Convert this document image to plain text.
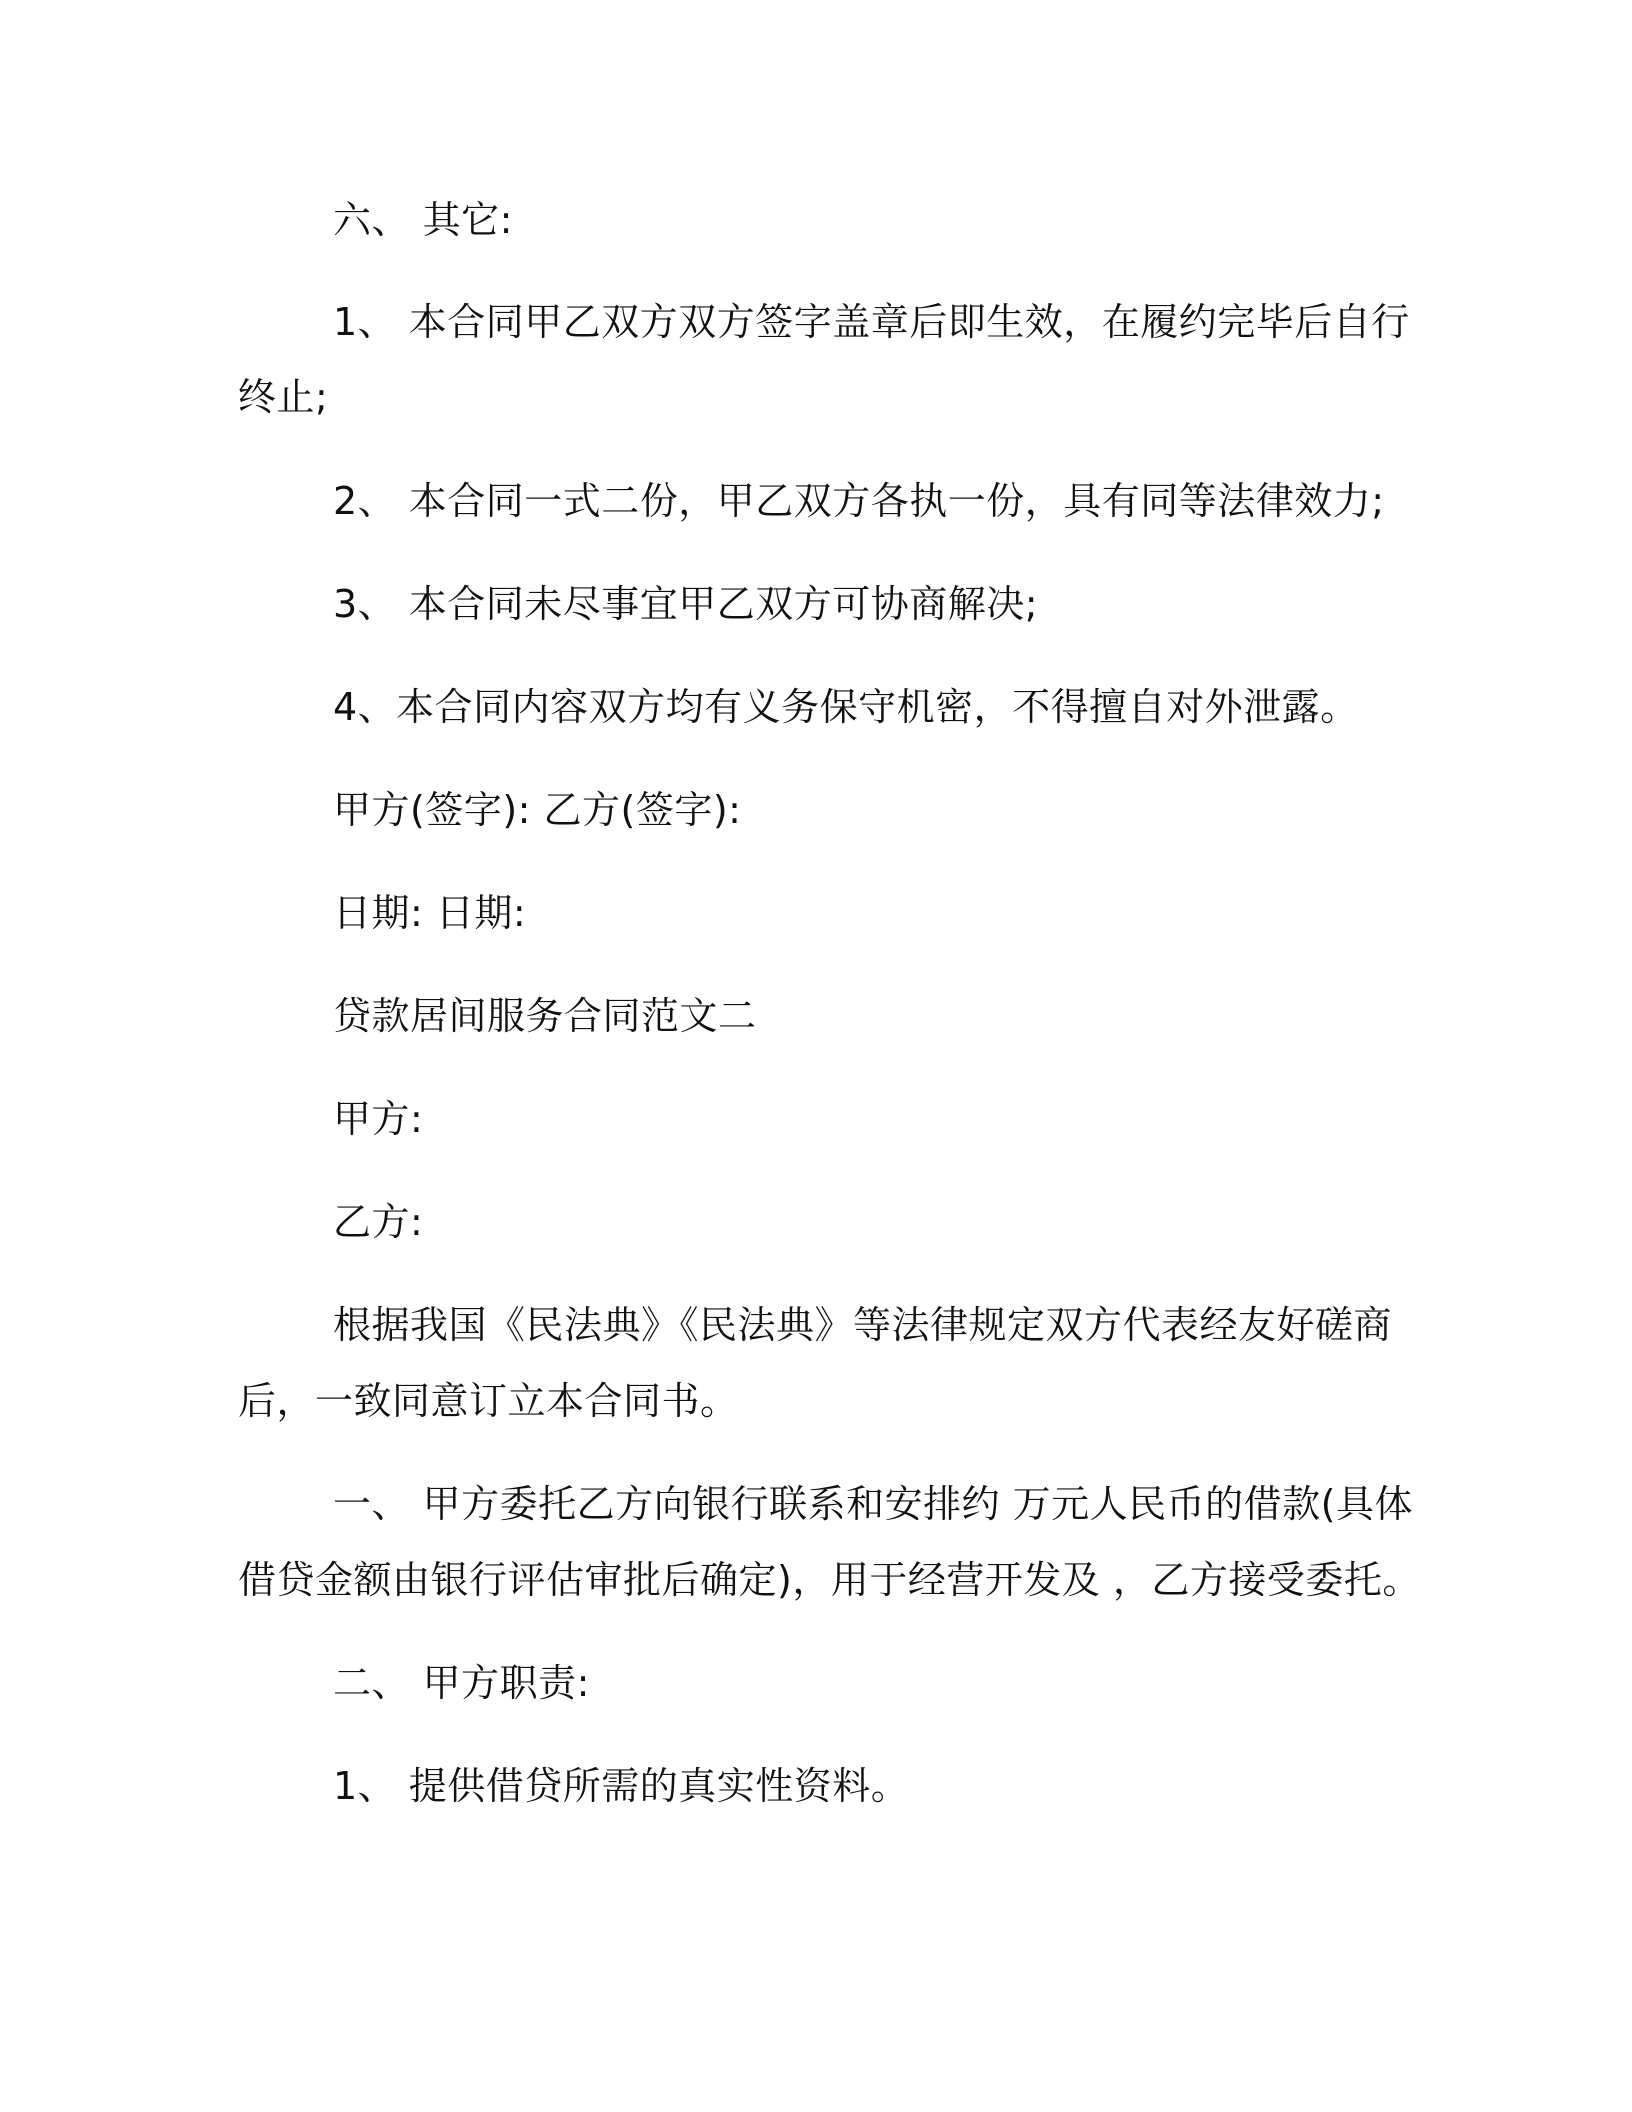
六、 其它:
1、 本合同甲乙双方双方签字盖章后即生效，在履约完毕后自行
终止;
2、 本合同一式二份，甲乙双方各执一份，具有同等法律效力;
3、 本合同未尽事宜甲乙双方可协商解决;
4、本合同内容双方均有义务保守机密，不得擅自对外泄露。
甲方(签字): 乙方(签字):
日期: 日期:
贷款居间服务合同范文二
甲方:
乙方:
根据我国《民法典》《民法典》等法律规定双方代表经友好磋商
后，一致同意订立本合同书。
一、 甲方委托乙方向银行联系和安排约 万元人民币的借款(具体
借贷金额由银行评估审批后确定)，用于经营开发及 ，乙方接受委托。
二、 甲方职责:
1、 提供借贷所需的真实性资料。
